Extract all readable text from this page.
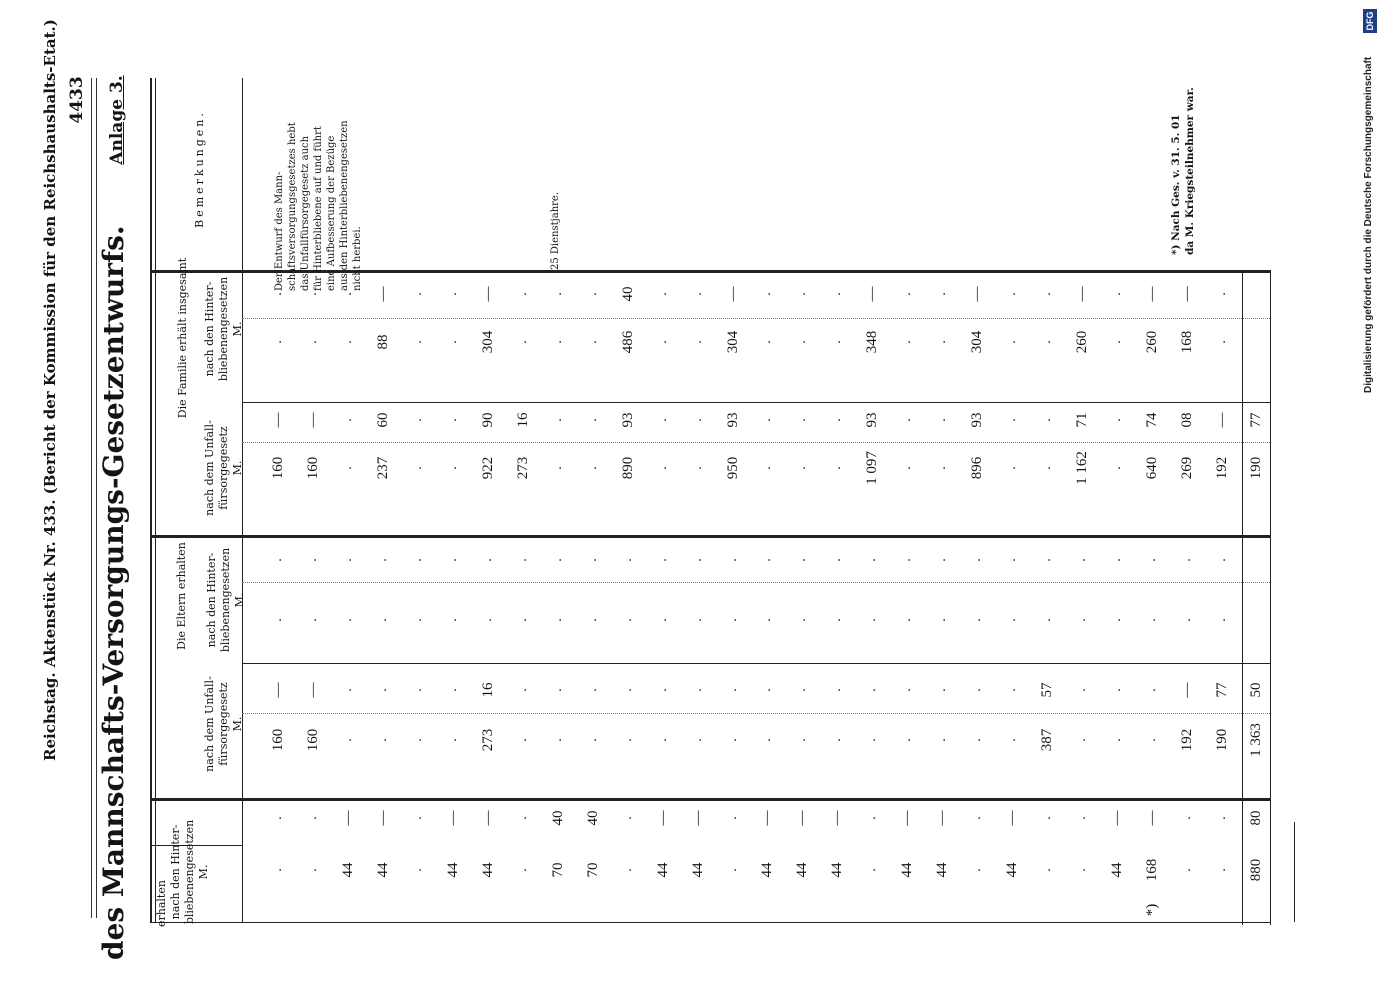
Reichstag. Aktenstück Nr. 433. (Bericht der Kommission für den Reichshaushalts-Etat.) 4433
des Mannschafts-Versorgungs-Gesetzentwurfs.
Anlage 3.
erhalten nach den Hinter- bliebenengesetzen M.
Die Eltern erhalten
nach dem Unfall- fürsorgegesetz M.
nach den Hinter- bliebenengesetzen M.
Die Familie erhält insgesamt
nach dem Unfall- fürsorgegesetz M.
nach den Hinter- bliebenengesetzen M.
Bemerkungen.
Der Entwurf des Mann- schaftsversorgungsgesetzes hebt das Unfallfürsorgegesetz auch für Hinterbliebene auf und führt eine Aufbesserung der Bezüge aus den Hinterbliebenengesetzen nicht herbei.	25 Dienstjahre.	*) Nach Ges. v. 31. 5. 01 da M. Kriegsteilnehmer war.
.
.
160
—
.
.
160
—
.
.
.
.
160
—
.
.
160
—
.
.
44
—
.
.
.
.
.
.
.
.
44
—
.
.
.
.
237
60
88
—
.
.
.
.
.
.
.
.
.
.
44
—
.
.
.
.
.
.
.
.
44
—
273
16
.
.
922
90
304
—
.
.
.
.
.
.
273
16
.
.
70
40
.
.
.
.
.
.
.
.
70
40
.
.
.
.
.
.
.
.
.
.
.
.
.
.
890
93
486
40
44
—
.
.
.
.
.
.
.
.
44
—
.
.
.
.
.
.
.
.
.
.
.
.
.
.
950
93
304
—
44
—
.
.
.
.
.
.
.
.
44
—
.
.
.
.
.
.
.
.
44
—
.
.
.
.
.
.
.
.
.
.
.
.
.
.
1 097
93
348
—
44
—
.
.
.
.
.
.
.
.
44
—
.
.
.
.
.
.
.
.
.
.
.
.
.
.
896
93
304
—
44
—
.
.
.
.
.
.
.
.
.
.
387
57
.
.
.
.
.
.
.
.
.
.
.
.
1 162
71
260
—
44
—
.
.
.
.
.
.
.
.
168
—
.
.
.
.
640
74
260
—
.
.
192
—
.
.
269
08
168
—
.
.
190
77
.
.
192
—
.
.
880
80
1 363
50
190
77
*)
Digitalisierung gefördert durch die Deutsche Forschungsgemeinschaft
DFG
